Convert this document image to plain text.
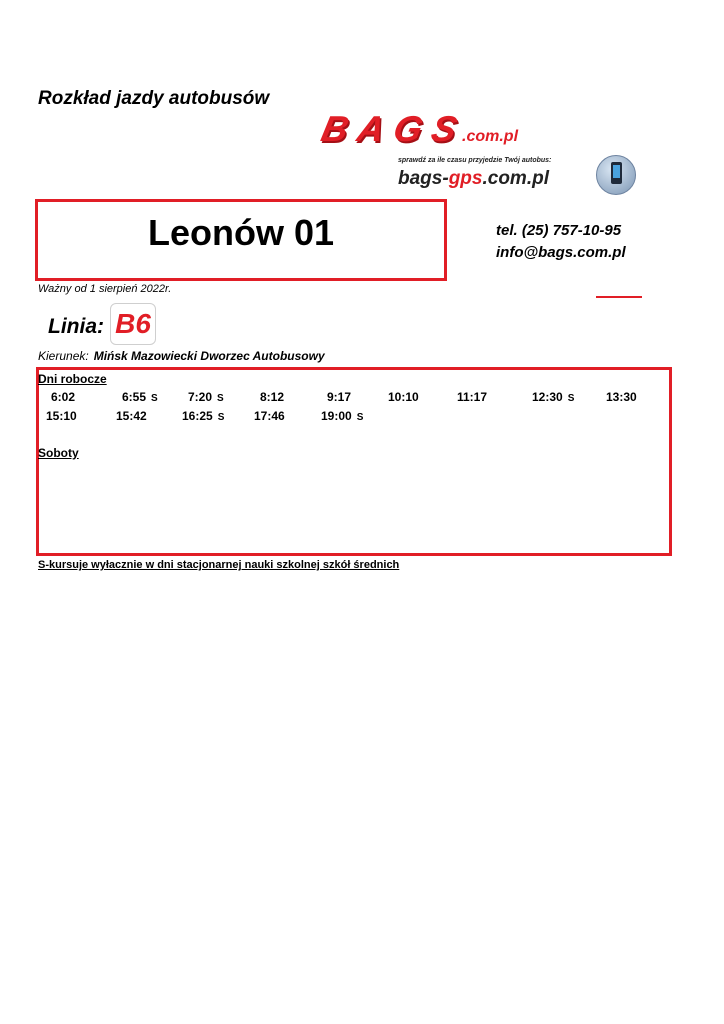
Rozkład jazdy autobusów
BAGS.com.pl
sprawdź za ile czasu przyjedzie Twój autobus:
bags-gps.com.pl
Leonów 01	tel. (25) 757-10-95
info@bags.com.pl
Ważny od 1 sierpień 2022r.
Linia: B6
Kierunek: Mińsk Mazowiecki Dworzec Autobusowy
Dni robocze
6:02	6:55 S	7:20 S	8:12	9:17	10:10	11:17	12:30 S	13:30
15:10	15:42	16:25 S 17:46	19:00 S
Soboty
S-kursuje wyłacznie w dni stacjonarnej nauki szkolnej szkół średnich
